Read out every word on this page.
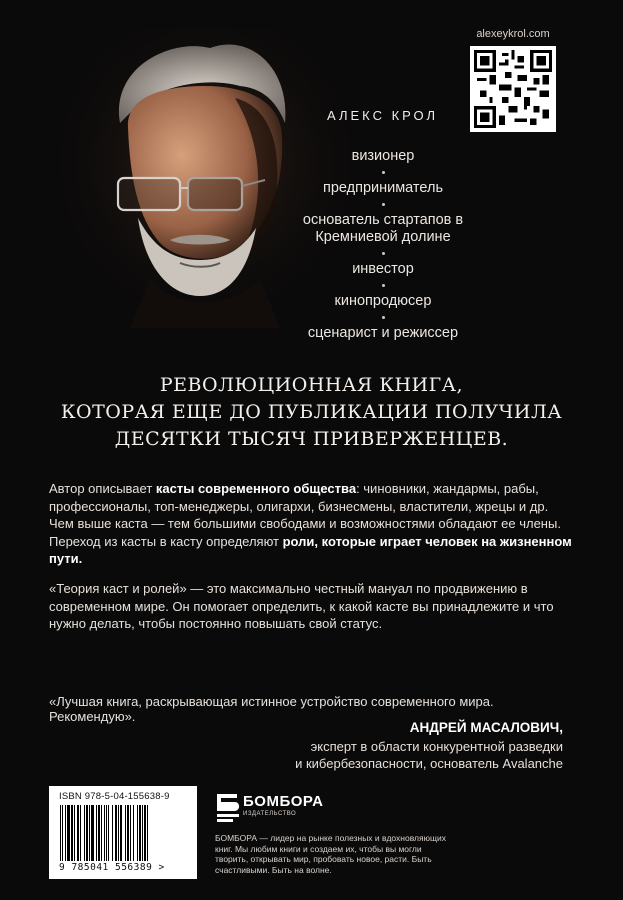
alexeykrol.com
АЛЕКС КРОЛ
визионер
предприниматель
основатель стартапов в Кремниевой долине
инвестор
кинопродюсер
сценарист и режиссер
РЕВОЛЮЦИОННАЯ КНИГА,
КОТОРАЯ ЕЩЕ ДО ПУБЛИКАЦИИ ПОЛУЧИЛА
ДЕСЯТКИ ТЫСЯЧ ПРИВЕРЖЕНЦЕВ.

Автор описывает касты современного общества: чиновники, жандармы, рабы, профессионалы, топ-менеджеры, олигархи, бизнесмены, властители, жрецы и др. Чем выше каста — тем большими свободами и возможностями обладают ее члены. Переход из касты в касту определяют роли, которые играет человек на жизненном пути.

«Теория каст и ролей» — это максимально честный мануал по продвижению в современном мире. Он помогает определить, к какой касте вы принадлежите и что нужно делать, чтобы постоянно повышать свой статус.

«Лучшая книга, раскрывающая истинное устройство современного мира. Рекомендую».
АНДРЕЙ МАСАЛОВИЧ,
эксперт в области конкурентной разведки
и кибербезопасности, основатель Avalanche
ISBN 978-5-04-155638-9
9 785041 556389 >
БОМБОРА
ИЗДАТЕЛЬСТВО
БОМБОРА — лидер на рынке полезных и вдохновляющих книг. Мы любим книги и создаем их, чтобы вы могли творить, открывать мир, пробовать новое, расти. Быть счастливыми. Быть на волне.
